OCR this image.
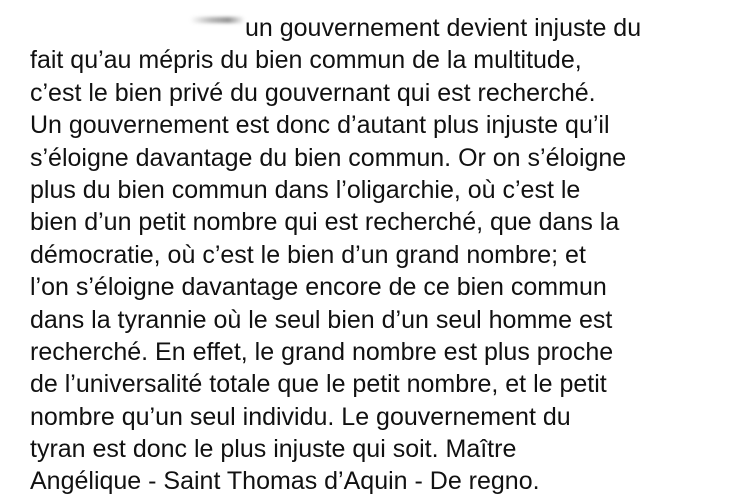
un gouvernement devient injuste du
fait qu’au mépris du bien commun de la multitude,
c’est le bien privé du gouvernant qui est recherché.
Un gouvernement est donc d’autant plus injuste qu’il
s’éloigne davantage du bien commun. Or on s’éloigne
plus du bien commun dans l’oligarchie, où c’est le
bien d’un petit nombre qui est recherché, que dans la
démocratie, où c’est le bien d’un grand nombre; et
l’on s’éloigne davantage encore de ce bien commun
dans la tyrannie où le seul bien d’un seul homme est
recherché. En effet, le grand nombre est plus proche
de l’universalité totale que le petit nombre, et le petit
nombre qu’un seul individu. Le gouvernement du
tyran est donc le plus injuste qui soit. Maître
Angélique - Saint Thomas d’Aquin - De regno.
